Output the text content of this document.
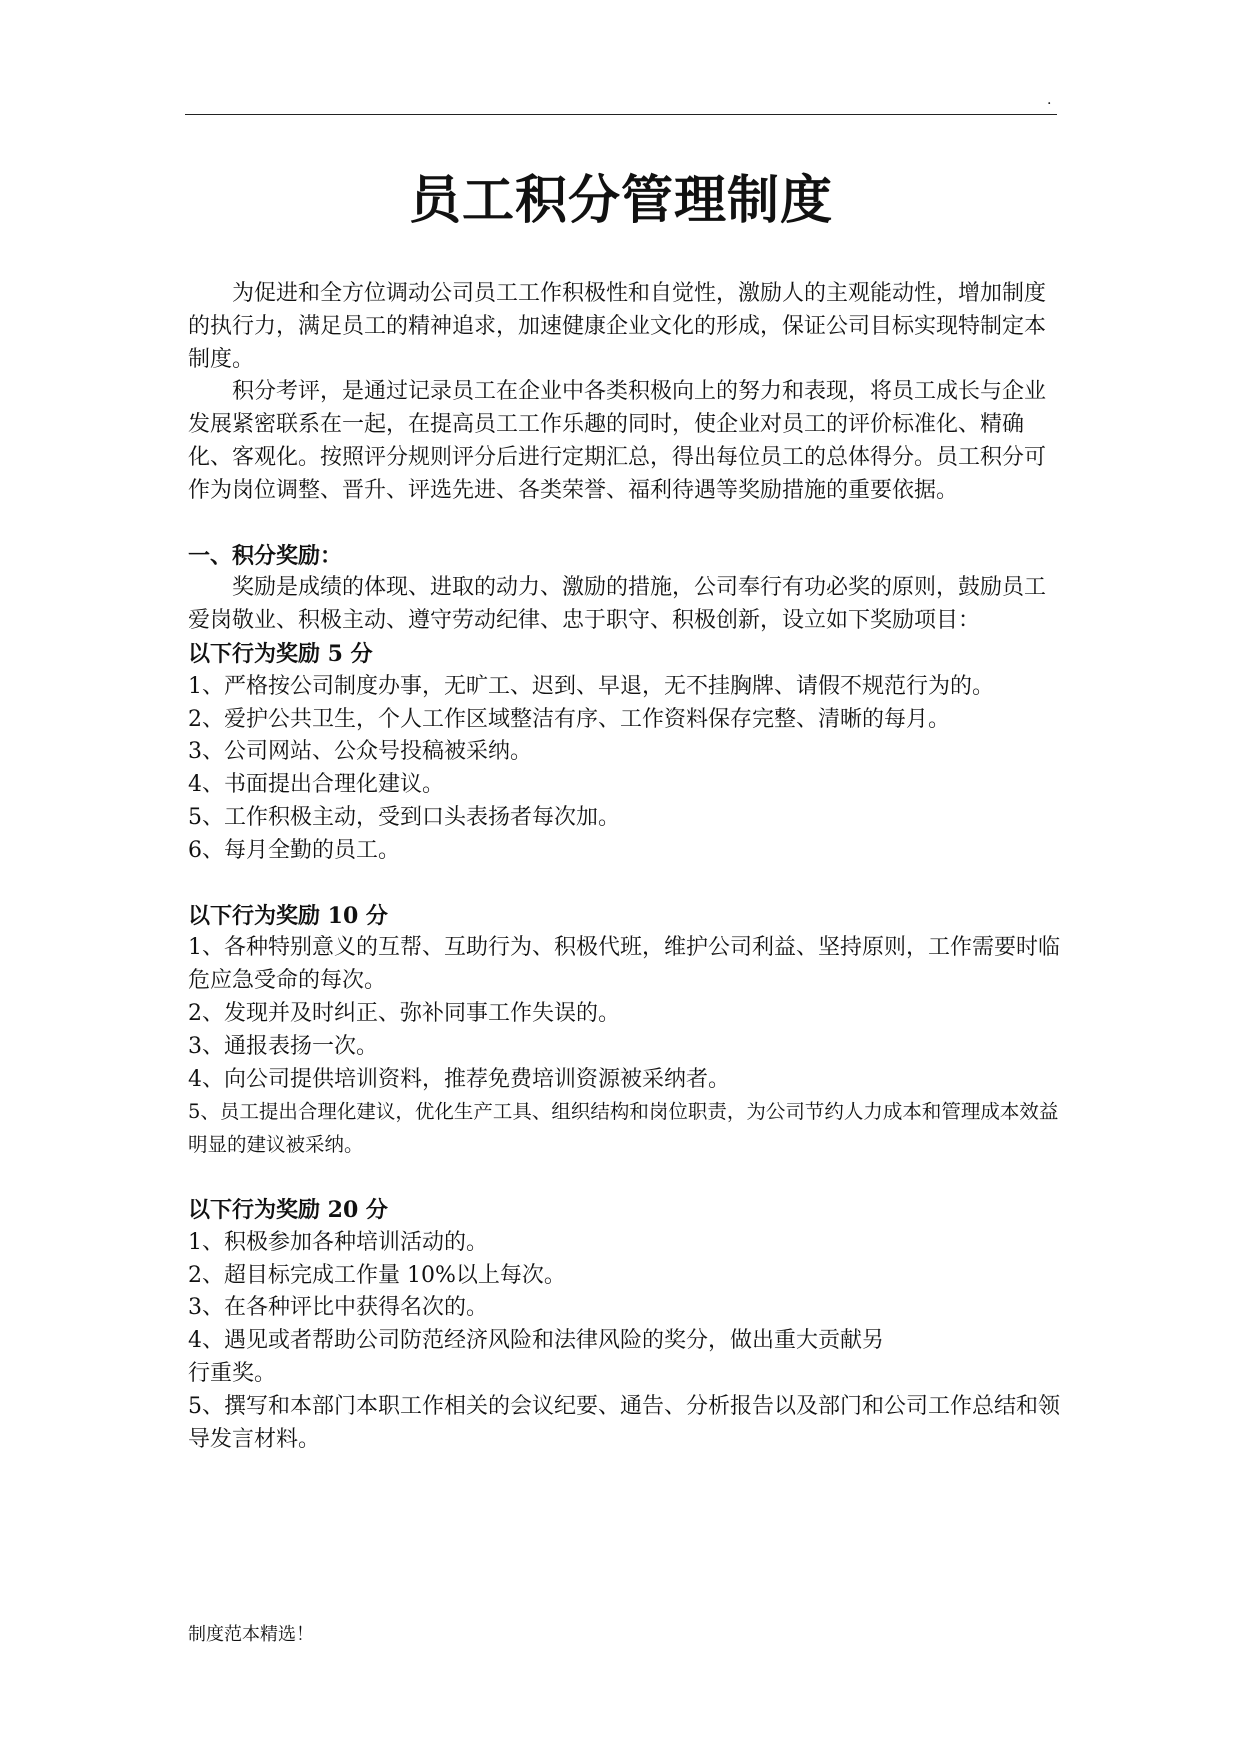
.
员工积分管理制度

为促进和全方位调动公司员工工作积极性和自觉性，激励人的主观能动性，增加制度的执行力，满足员工的精神追求，加速健康企业文化的形成，保证公司目标实现特制定本制度。

积分考评，是通过记录员工在企业中各类积极向上的努力和表现，将员工成长与企业发展紧密联系在一起，在提高员工工作乐趣的同时，使企业对员工的评价标准化、精确化、客观化。按照评分规则评分后进行定期汇总，得出每位员工的总体得分。员工积分可作为岗位调整、晋升、评选先进、各类荣誉、福利待遇等奖励措施的重要依据。

一、积分奖励：

奖励是成绩的体现、进取的动力、激励的措施，公司奉行有功必奖的原则，鼓励员工爱岗敬业、积极主动、遵守劳动纪律、忠于职守、积极创新，设立如下奖励项目：

以下行为奖励 5 分

1、严格按公司制度办事，无旷工、迟到、早退，无不挂胸牌、请假不规范行为的。

2、爱护公共卫生，个人工作区域整洁有序、工作资料保存完整、清晰的每月。

3、公司网站、公众号投稿被采纳。

4、书面提出合理化建议。

5、工作积极主动，受到口头表扬者每次加。

6、每月全勤的员工。

以下行为奖励 10 分

1、各种特别意义的互帮、互助行为、积极代班，维护公司利益、坚持原则，工作需要时临危应急受命的每次。

2、发现并及时纠正、弥补同事工作失误的。

3、通报表扬一次。

4、向公司提供培训资料，推荐免费培训资源被采纳者。

5、员工提出合理化建议，优化生产工具、组织结构和岗位职责，为公司节约人力成本和管理成本效益明显的建议被采纳。

以下行为奖励 20 分

1、积极参加各种培训活动的。

2、超目标完成工作量 10%以上每次。

3、在各种评比中获得名次的。

4、遇见或者帮助公司防范经济风险和法律风险的奖分，做出重大贡献另

行重奖。

5、撰写和本部门本职工作相关的会议纪要、通告、分析报告以及部门和公司工作总结和领导发言材料。

制度范本精选！
